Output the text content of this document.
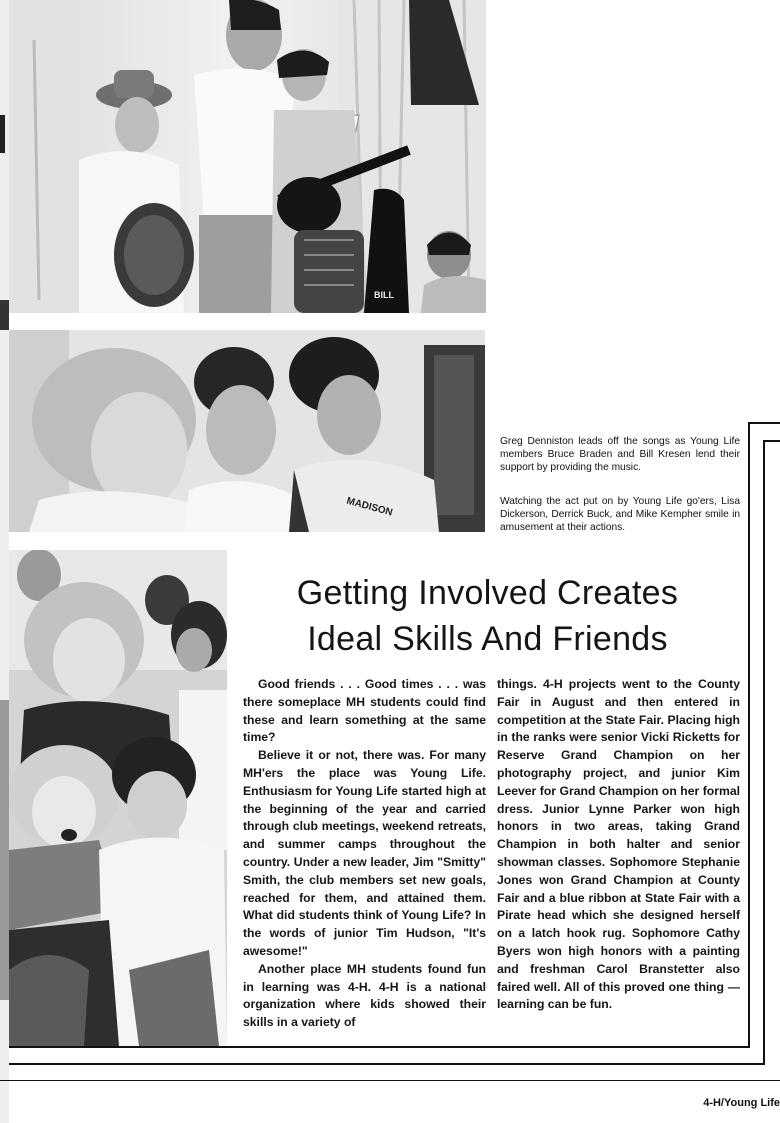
BILL
MADISON
Greg Denniston leads off the songs as Young Life members Bruce Braden and Bill Kresen lend their support by providing the music.
Watching the act put on by Young Life go'ers, Lisa Dickerson, Derrick Buck, and Mike Kempher smile in amusement at their actions.
Getting Involved Creates
Ideal Skills And Friends

Good friends . . . Good times . . . was there someplace MH students could find these and learn something at the same time?

Believe it or not, there was. For many MH'ers the place was Young Life. Enthusiasm for Young Life started high at the beginning of the year and carried through club meetings, weekend retreats, and summer camps throughout the country. Under a new leader, Jim "Smitty" Smith, the club members set new goals, reached for them, and attained them. What did students think of Young Life? In the words of junior Tim Hudson, "It's awesome!"

Another place MH students found fun in learning was 4-H. 4-H is a national organization where kids showed their skills in a variety of

things. 4-H projects went to the County Fair in August and then entered in competition at the State Fair. Placing high in the ranks were senior Vicki Ricketts for Reserve Grand Champion on her photography project, and junior Kim Leever for Grand Champion on her formal dress. Junior Lynne Parker won high honors in two areas, taking Grand Champion in both halter and senior showman classes. Sophomore Stephanie Jones won Grand Champion at County Fair and a blue ribbon at State Fair with a Pirate head which she designed herself on a latch hook rug. Sophomore Cathy Byers won high honors with a painting and freshman Carol Branstetter also faired well. All of this proved one thing — learning can be fun.

4-H/Young Life
